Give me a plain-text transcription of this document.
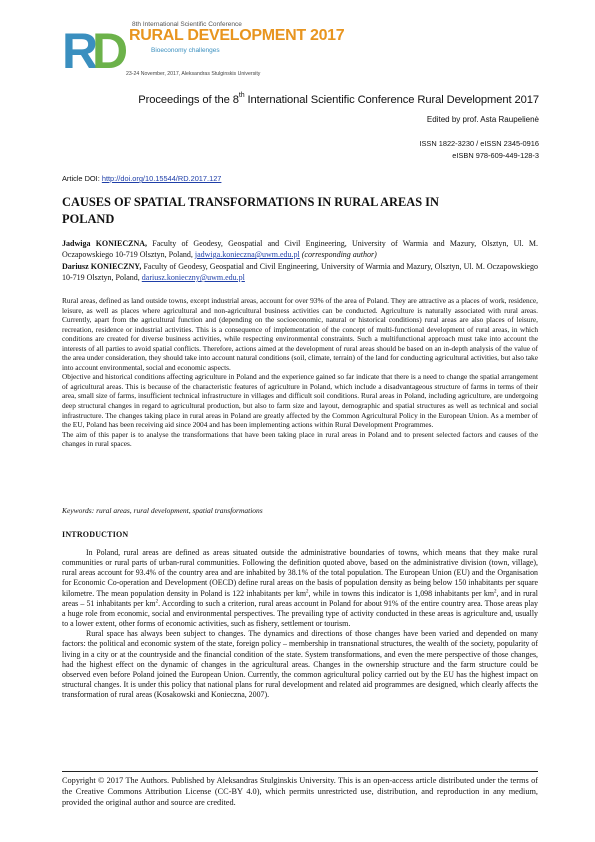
R
D 8th International Scientific Conference
RURAL DEVELOPMENT 2017
Bioeconomy challenges
23-24 November, 2017, Aleksandras Stulginskis University
Proceedings of the 8th International Scientific Conference Rural Development 2017
Edited by prof. Asta Raupelienė
ISSN 1822-3230 / eISSN 2345-0916
eISBN 978-609-449-128-3
Article DOI: http://doi.org/10.15544/RD.2017.127
CAUSES OF SPATIAL TRANSFORMATIONS IN RURAL AREAS IN POLAND
Jadwiga KONIECZNA, Faculty of Geodesy, Geospatial and Civil Engineering, University of Warmia and Mazury, Olsztyn, Ul. M. Oczapowskiego 10-719 Olsztyn, Poland, jadwiga.konieczna@uwm.edu.pl (corresponding author)
Dariusz KONIECZNY, Faculty of Geodesy, Geospatial and Civil Engineering, University of Warmia and Mazury, Olsztyn, Ul. M. Oczapowskiego 10-719 Olsztyn, Poland, dariusz.konieczny@uwm.edu.pl

Rural areas, defined as land outside towns, except industrial areas, account for over 93% of the area of Poland. They are attractive as a places of work, residence, leisure, as well as places where agricultural and non-agricultural business activities can be conducted. Agriculture is naturally associated with rural areas. Currently, apart from the agricultural function and (depending on the socioeconomic, natural or historical conditions) rural areas are also places of leisure, recreation, residence or industrial activities. This is a consequence of implementation of the concept of multi-functional development of rural areas, in which conditions are created for diverse business activities, while respecting environmental constraints. Such a multifunctional approach must take into account the interests of all parties to avoid spatial conflicts. Therefore, actions aimed at the development of rural areas should be based on an in-depth analysis of the value of the area under consideration, they should take into account natural conditions (soil, climate, terrain) of the land for conducting agricultural activities, but also take into account environmental, social and economic aspects.

Objective and historical conditions affecting agriculture in Poland and the experience gained so far indicate that there is a need to change the spatial arrangement of agricultural areas. This is because of the characteristic features of agriculture in Poland, which include a disadvantageous structure of farms in terms of their area, small size of farms, insufficient technical infrastructure in villages and difficult soil conditions. Rural areas in Poland, including agriculture, are undergoing deep structural changes in regard to agricultural production, but also to farm size and layout, demographic and spatial structures as well as technical and social infrastructure. The changes taking place in rural areas in Poland are greatly affected by the Common Agricultural Policy in the European Union. As a member of the EU, Poland has been receiving aid since 2004 and has been implementing actions within Rural Development Programmes.

The aim of this paper is to analyse the transformations that have been taking place in rural areas in Poland and to present selected factors and causes of the changes in rural spaces.

Keywords: rural areas, rural development, spatial transformations
INTRODUCTION

In Poland, rural areas are defined as areas situated outside the administrative boundaries of towns, which means that they make rural communities or rural parts of urban-rural communities. Following the definition quoted above, based on the administrative division (town, village), rural areas account for 93.4% of the country area and are inhabited by 38.1% of the total population. The European Union (EU) and the Organisation for Economic Co-operation and Development (OECD) define rural areas on the basis of population density as being below 150 inhabitants per square kilometre. The mean population density in Poland is 122 inhabitants per $km^2$, while in towns this indicator is 1,098 inhabitants per $km^2$, and in rural areas – 51 inhabitants per $km^2$. According to such a criterion, rural areas account in Poland for about 91% of the entire country area. Those areas play a huge role from economic, social and environmental perspectives. The prevailing type of activity conducted in these areas is agriculture and, usually to a lower extent, other forms of economic activities, such as fishery, settlement or tourism.

Rural space has always been subject to changes. The dynamics and directions of those changes have been varied and depended on many factors: the political and economic system of the state, foreign policy – membership in transnational structures, the wealth of the society, popularity of living in a city or at the countryside and the financial condition of the state. System transformations, and even the mere perspective of those changes, had the highest effect on the dynamic of changes in the agricultural areas. Changes in the ownership structure and the farm structure could be observed even before Poland joined the European Union. Currently, the common agricultural policy carried out by the EU has the highest impact on structural changes. It is under this policy that national plans for rural development and related aid programmes are designed, which clearly affects the transformation of rural areas (Kosakowski and Konieczna, 2007).

Copyright © 2017 The Authors. Published by Aleksandras Stulginskis University. This is an open-access article distributed under the terms of the Creative Commons Attribution License (CC-BY 4.0), which permits unrestricted use, distribution, and reproduction in any medium, provided the original author and source are credited.
